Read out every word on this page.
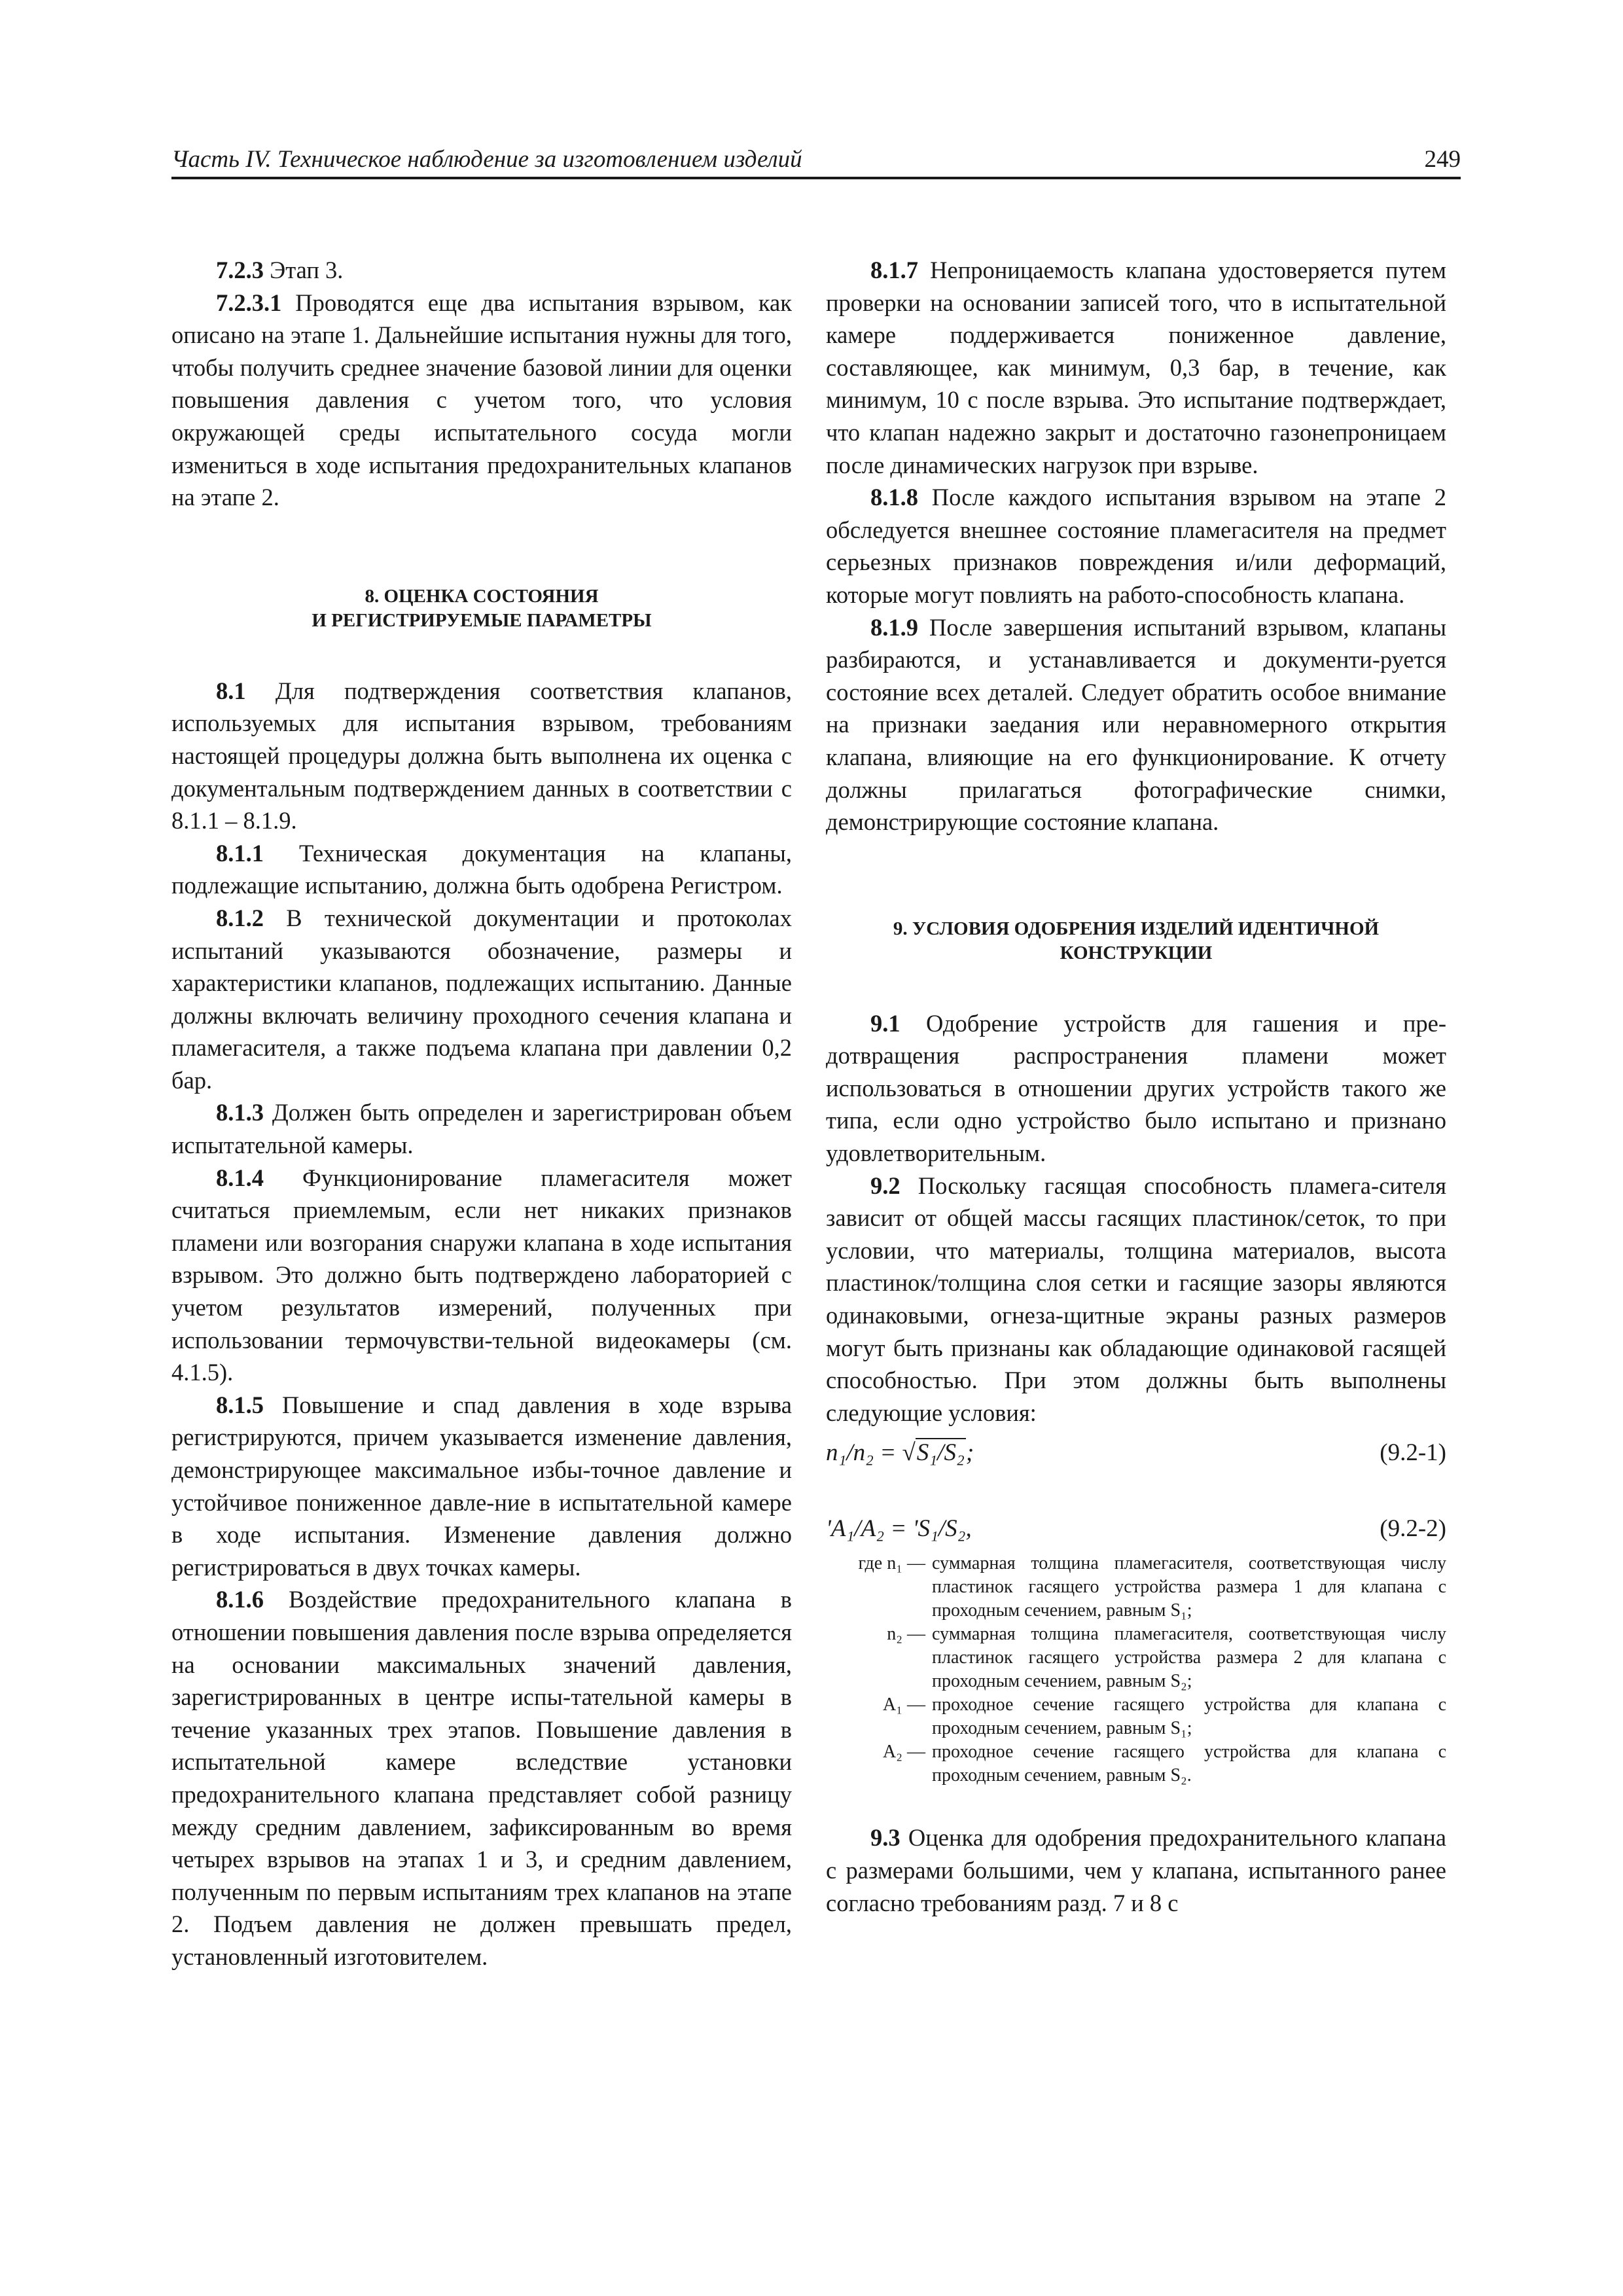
Часть IV. Техническое наблюдение за изготовлением изделий	249

7.2.3 Этап 3.

7.2.3.1 Проводятся еще два испытания взрывом, как описано на этапе 1. Дальнейшие испытания нужны для того, чтобы получить среднее значение базовой линии для оценки повышения давления с учетом того, что условия окружающей среды испытательного сосуда могли измениться в ходе испытания предохранительных клапанов на этапе 2.

8. ОЦЕНКА СОСТОЯНИЯ
И РЕГИСТРИРУЕМЫЕ ПАРАМЕТРЫ

8.1 Для подтверждения соответствия клапанов, используемых для испытания взрывом, требованиям настоящей процедуры должна быть выполнена их оценка с документальным подтверждением данных в соответствии с 8.1.1 – 8.1.9.

8.1.1 Техническая документация на клапаны, подлежащие испытанию, должна быть одобрена Регистром.

8.1.2 В технической документации и протоколах испытаний указываются обозначение, размеры и характеристики клапанов, подлежащих испытанию. Данные должны включать величину проходного сечения клапана и пламегасителя, а также подъема клапана при давлении 0,2 бар.

8.1.3 Должен быть определен и зарегистрирован объем испытательной камеры.

8.1.4 Функционирование пламегасителя может считаться приемлемым, если нет никаких признаков пламени или возгорания снаружи клапана в ходе испытания взрывом. Это должно быть подтверждено лабораторией с учетом результатов измерений, полученных при использовании термочувстви-тельной видеокамеры (см. 4.1.5).

8.1.5 Повышение и спад давления в ходе взрыва регистрируются, причем указывается изменение давления, демонстрирующее максимальное избы-точное давление и устойчивое пониженное давле-ние в испытательной камере в ходе испытания. Изменение давления должно регистрироваться в двух точках камеры.

8.1.6 Воздействие предохранительного клапана в отношении повышения давления после взрыва определяется на основании максимальных значений давления, зарегистрированных в центре испы-тательной камеры в течение указанных трех этапов. Повышение давления в испытательной камере вследствие установки предохранительного клапана представляет собой разницу между средним давлением, зафиксированным во время четырех взрывов на этапах 1 и 3, и средним давлением, полученным по первым испытаниям трех клапанов на этапе 2. Подъем давления не должен превышать предел, установленный изготовителем.

8.1.7 Непроницаемость клапана удостоверяется путем проверки на основании записей того, что в испытательной камере поддерживается пониженное давление, составляющее, как минимум, 0,3 бар, в течение, как минимум, 10 с после взрыва. Это испытание подтверждает, что клапан надежно закрыт и достаточно газонепроницаем после динамических нагрузок при взрыве.

8.1.8 После каждого испытания взрывом на этапе 2 обследуется внешнее состояние пламегасителя на предмет серьезных признаков повреждения и/или деформаций, которые могут повлиять на работо-способность клапана.

8.1.9 После завершения испытаний взрывом, клапаны разбираются, и устанавливается и документи-руется состояние всех деталей. Следует обратить особое внимание на признаки заедания или неравномерного открытия клапана, влияющие на его функционирование. К отчету должны прилагаться фотографические снимки, демонстрирующие состояние клапана.

9. УСЛОВИЯ ОДОБРЕНИЯ ИЗДЕЛИЙ ИДЕНТИЧНОЙ
КОНСТРУКЦИИ

9.1 Одобрение устройств для гашения и пре-дотвращения распространения пламени может использоваться в отношении других устройств такого же типа, если одно устройство было испытано и признано удовлетворительным.

9.2 Поскольку гасящая способность пламега-сителя зависит от общей массы гасящих пластинок/сеток, то при условии, что материалы, толщина материалов, высота пластинок/толщина слоя сетки и гасящие зазоры являются одинаковыми, огнеза-щитные экраны разных размеров могут быть признаны как обладающие одинаковой гасящей способностью. При этом должны быть выполнены следующие условия:

n₁/n₂ = √S₁/S₂;	(9.2-1)
ʹA₁/A₂ = ʹS₁/S₂,	(9.2-2)
где n₁ — суммарная толщина пламегасителя, соответствующая числу пластинок гасящего устройства размера 1 для клапана с проходным сечением, равным S₁;
n₂ — суммарная толщина пламегасителя, соответствующая числу пластинок гасящего устройства размера 2 для клапана с проходным сечением, равным S₂;
A₁ — проходное сечение гасящего устройства для клапана с проходным сечением, равным S₁;
A₂ — проходное сечение гасящего устройства для клапана с проходным сечением, равным S₂.

9.3 Оценка для одобрения предохранительного клапана с размерами большими, чем у клапана, испытанного ранее согласно требованиям разд. 7 и 8 с
